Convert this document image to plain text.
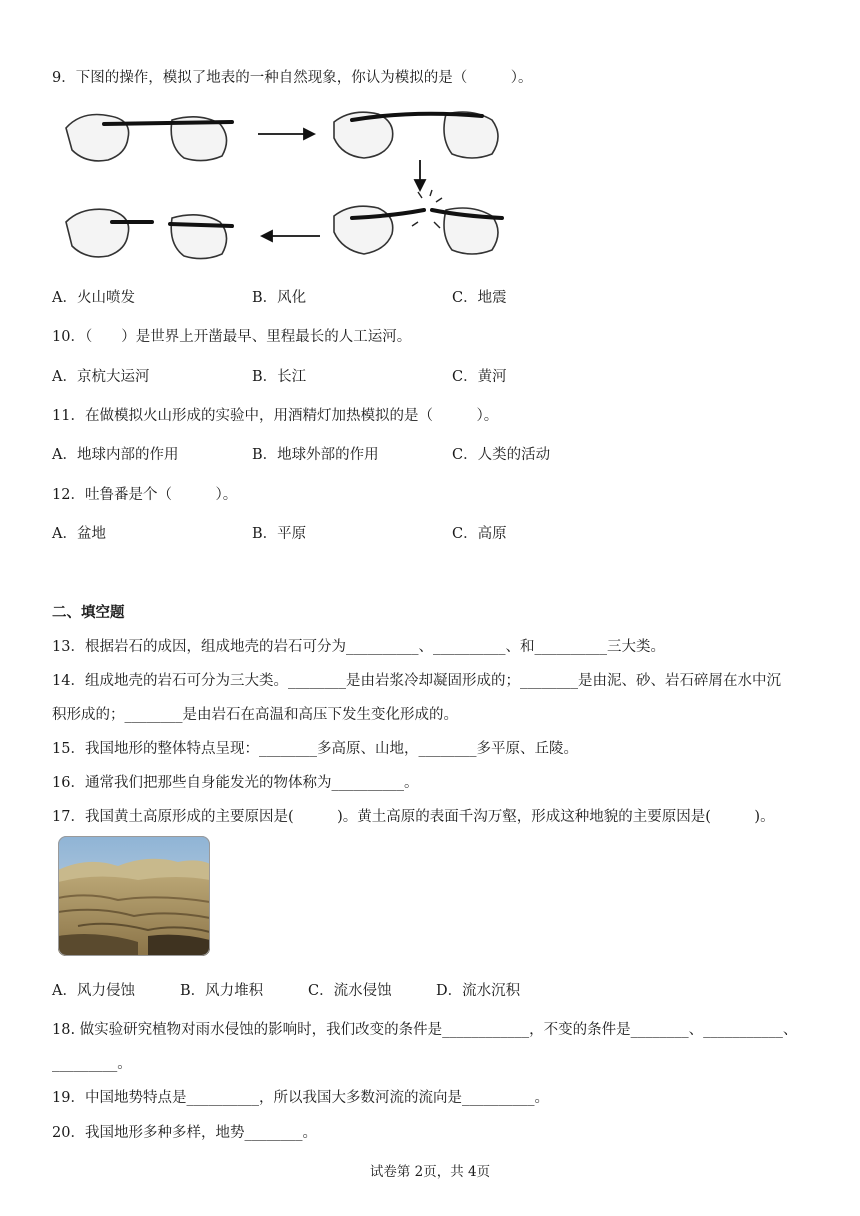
9．下图的操作，模拟了地表的一种自然现象，你认为模拟的是（　　　）。
A．火山喷发	B．风化	C．地震
10．（　　）是世界上开凿最早、里程最长的人工运河。
A．京杭大运河	B．长江	C．黄河
11．在做模拟火山形成的实验中，用酒精灯加热模拟的是（　　　）。
A．地球内部的作用	B．地球外部的作用	C．人类的活动
12．吐鲁番是个（　　　）。
A．盆地	B．平原	C．高原
二、填空题
13．根据岩石的成因，组成地壳的岩石可分为__________、__________、和__________三大类。
14．组成地壳的岩石可分为三大类。________是由岩浆冷却凝固形成的；________是由泥、砂、岩石碎屑在水中沉
积形成的；________是由岩石在高温和高压下发生变化形成的。
15．我国地形的整体特点呈现：________多高原、山地，________多平原、丘陵。
16．通常我们把那些自身能发光的物体称为__________。
17．我国黄土高原形成的主要原因是(　　　)。黄土高原的表面千沟万壑，形成这种地貌的主要原因是(　　　)。
A．风力侵蚀	B．风力堆积	C．流水侵蚀	D．流水沉积
18. 做实验研究植物对雨水侵蚀的影响时，我们改变的条件是____________，不变的条件是________、___________、
_________。
19．中国地势特点是__________，所以我国大多数河流的流向是__________。
20．我国地形多种多样，地势________。
试卷第 2页，共 4页
